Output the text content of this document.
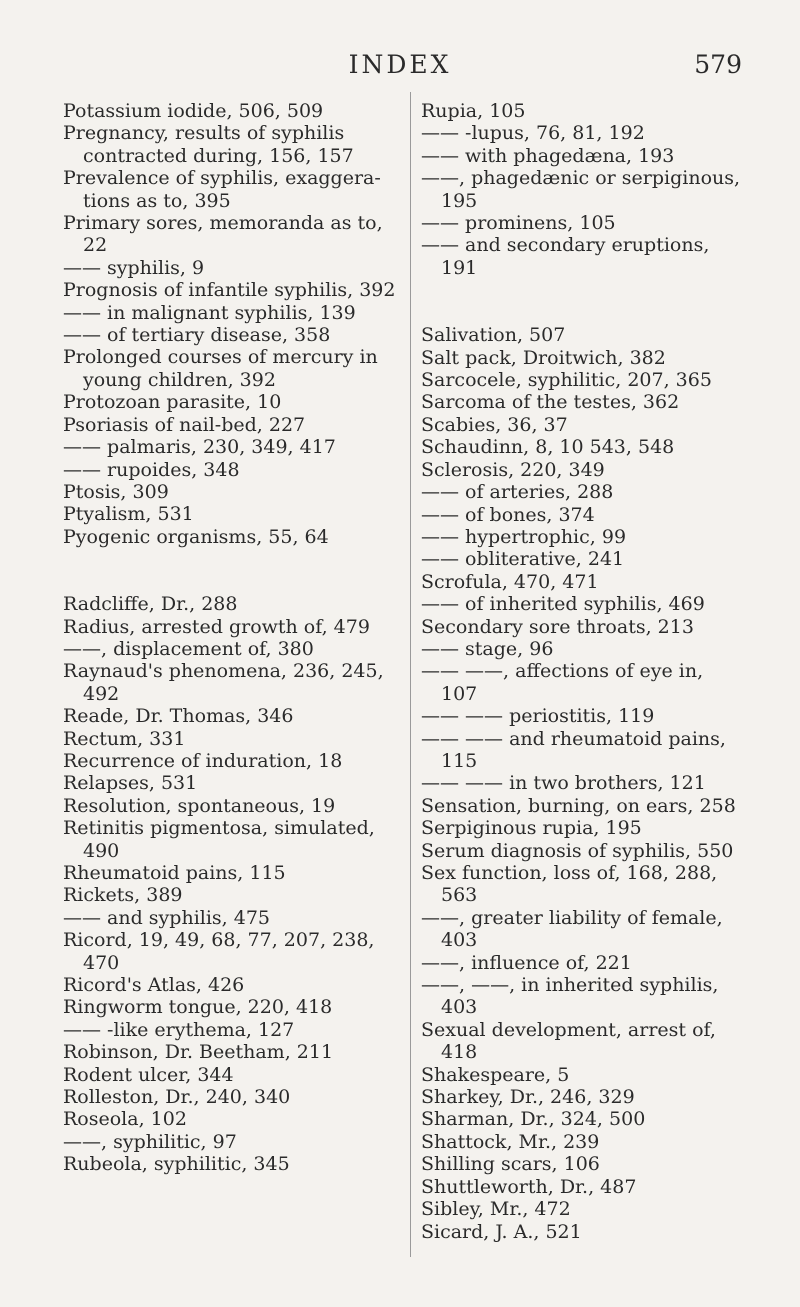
INDEX	579
Potassium iodide, 506, 509
Pregnancy, results of syphilis contracted during, 156, 157
Prevalence of syphilis, exaggera- tions as to, 395
Primary sores, memoranda as to, 22
—— syphilis, 9
Prognosis of infantile syphilis, 392
—— in malignant syphilis, 139
—— of tertiary disease, 358
Prolonged courses of mercury in young children, 392
Protozoan parasite, 10
Psoriasis of nail-bed, 227
—— palmaris, 230, 349, 417
—— rupoides, 348
Ptosis, 309
Ptyalism, 531
Pyogenic organisms, 55, 64
Radcliffe, Dr., 288
Radius, arrested growth of, 479
——, displacement of, 380
Raynaud's phenomena, 236, 245, 492
Reade, Dr. Thomas, 346
Rectum, 331
Recurrence of induration, 18
Relapses, 531
Resolution, spontaneous, 19
Retinitis pigmentosa, simulated, 490
Rheumatoid pains, 115
Rickets, 389
—— and syphilis, 475
Ricord, 19, 49, 68, 77, 207, 238, 470
Ricord's Atlas, 426
Ringworm tongue, 220, 418
—— -like erythema, 127
Robinson, Dr. Beetham, 211
Rodent ulcer, 344
Rolleston, Dr., 240, 340
Roseola, 102
——, syphilitic, 97
Rubeola, syphilitic, 345
Rupia, 105
—— -lupus, 76, 81, 192
—— with phagedæna, 193
——, phagedænic or serpiginous, 195
—— prominens, 105
—— and secondary eruptions, 191
Salivation, 507
Salt pack, Droitwich, 382
Sarcocele, syphilitic, 207, 365
Sarcoma of the testes, 362
Scabies, 36, 37
Schaudinn, 8, 10 543, 548
Sclerosis, 220, 349
—— of arteries, 288
—— of bones, 374
—— hypertrophic, 99
—— obliterative, 241
Scrofula, 470, 471
—— of inherited syphilis, 469
Secondary sore throats, 213
—— stage, 96
—— ——, affections of eye in, 107
—— —— periostitis, 119
—— —— and rheumatoid pains, 115
—— —— in two brothers, 121
Sensation, burning, on ears, 258
Serpiginous rupia, 195
Serum diagnosis of syphilis, 550
Sex function, loss of, 168, 288, 563
——, greater liability of female, 403
——, influence of, 221
——, ——, in inherited syphilis, 403
Sexual development, arrest of, 418
Shakespeare, 5
Sharkey, Dr., 246, 329
Sharman, Dr., 324, 500
Shattock, Mr., 239
Shilling scars, 106
Shuttleworth, Dr., 487
Sibley, Mr., 472
Sicard, J. A., 521
